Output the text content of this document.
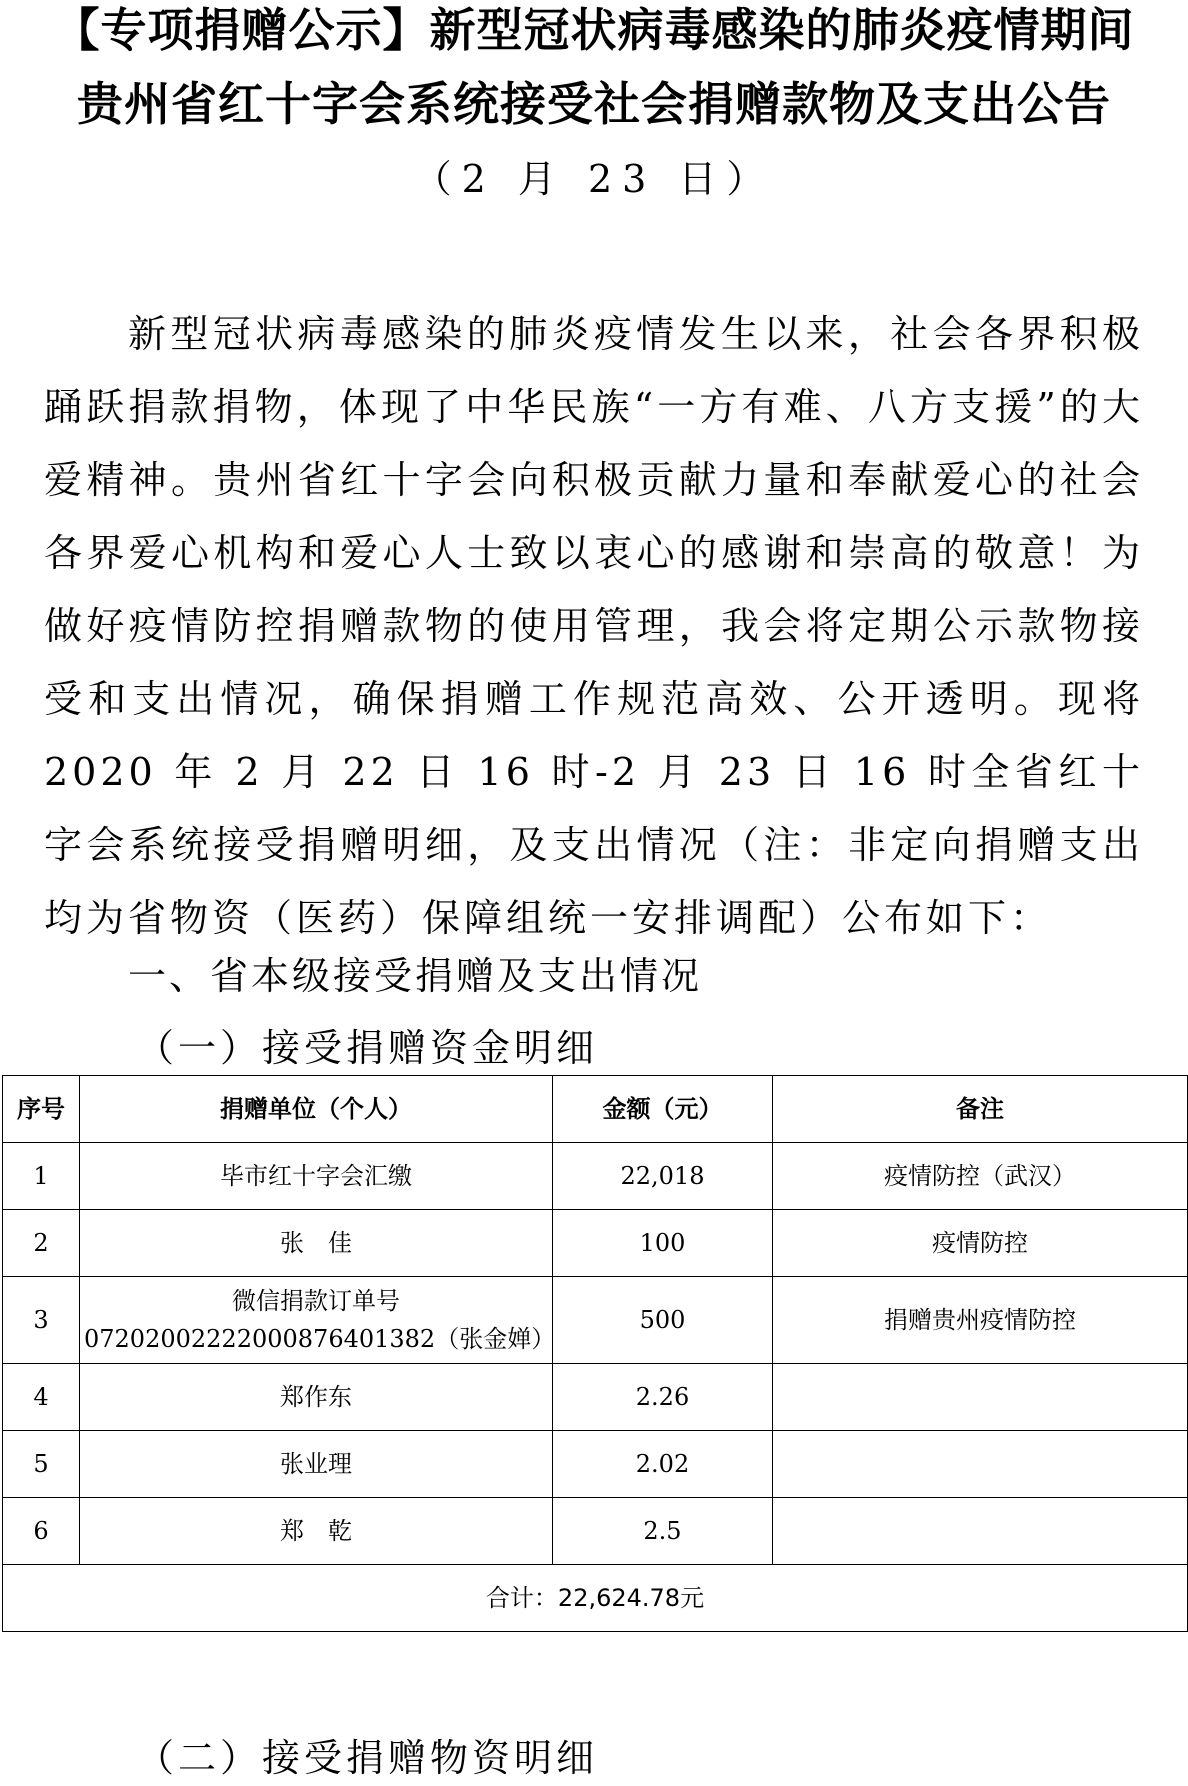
【专项捐赠公示】新型冠状病毒感染的肺炎疫情期间
贵州省红十字会系统接受社会捐赠款物及支出公告
（2 月 23 日）
新型冠状病毒感染的肺炎疫情发生以来，社会各界积极踊跃捐款捐物，体现了中华民族“一方有难、八方支援”的大爱精神。贵州省红十字会向积极贡献力量和奉献爱心的社会各界爱心机构和爱心人士致以衷心的感谢和崇高的敬意！为做好疫情防控捐赠款物的使用管理，我会将定期公示款物接受和支出情况，确保捐赠工作规范高效、公开透明。现将 2020 年 2 月 22 日 16 时-2 月 23 日 16 时全省红十字会系统接受捐赠明细，及支出情况（注：非定向捐赠支出均为省物资（医药）保障组统一安排调配）公布如下：
一、省本级接受捐赠及支出情况
（一）接受捐赠资金明细
序号	捐赠单位（个人）	金额（元）	备注
1	毕市红十字会汇缴	22,018	疫情防控（武汉）
2	张　佳	100	疫情防控
3	微信捐款订单号
07202002222000876401382（张金婵）	500	捐赠贵州疫情防控
4	郑作东	2.26	
5	张业理	2.02	
6	郑　乾	2.5	
合计：22,624.78元			
（二）接受捐赠物资明细
